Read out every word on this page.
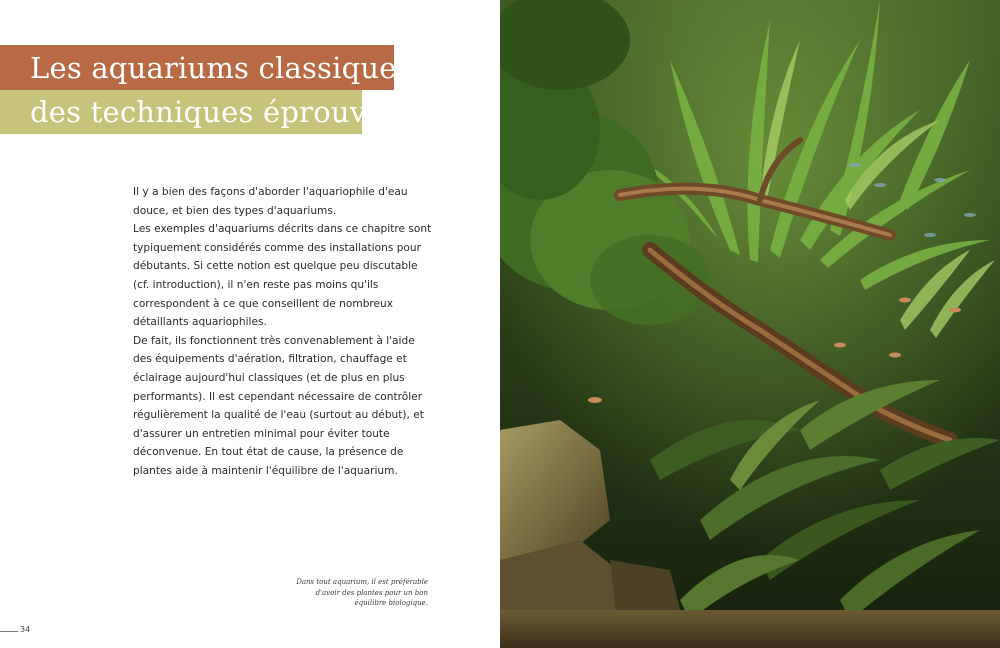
Les aquariums classiques :
des techniques éprouvées

Il y a bien des façons d'aborder l'aquariophile d'eau douce, et bien des types d'aquariums.

Les exemples d'aquariums décrits dans ce chapitre sont typiquement considérés comme des installations pour débutants. Si cette notion est quelque peu discutable (cf. introduction), il n'en reste pas moins qu'ils correspondent à ce que conseillent de nombreux détaillants aquariophiles.

De fait, ils fonctionnent très convenablement à l'aide des équipements d'aération, filtration, chauffage et éclairage aujourd'hui classiques (et de plus en plus performants). Il est cependant nécessaire de contrôler régulièrement la qualité de l'eau (surtout au début), et d'assurer un entretien minimal pour éviter toute déconvenue. En tout état de cause, la présence de plantes aide à maintenir l'équilibre de l'aquarium.

Dans tout aquarium, il est préférable d'avoir des plantes pour un bon équilibre biologique.
34
